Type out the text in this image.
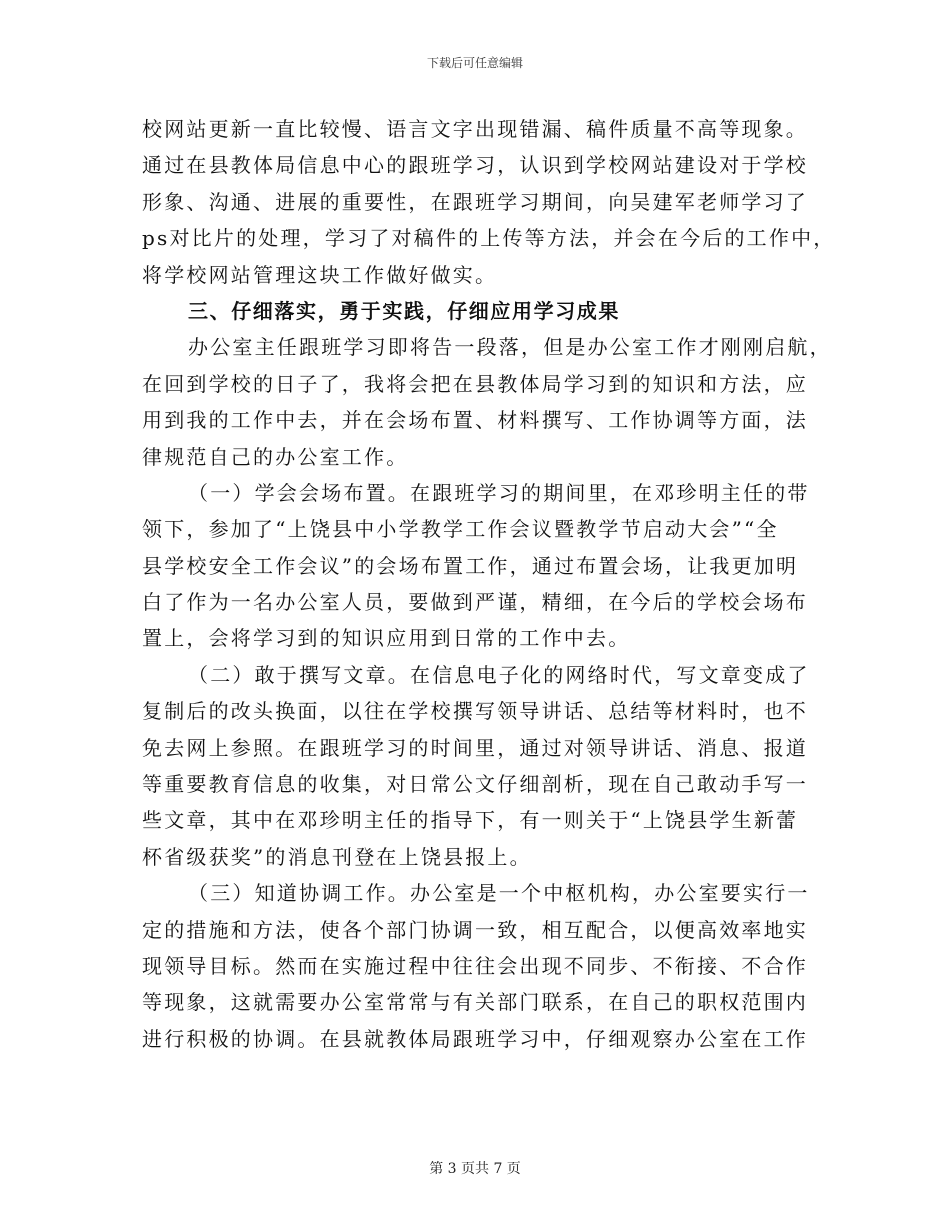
下载后可任意编辑
校网站更新一直比较慢、语言文字出现错漏、稿件质量不高等现象。
通过在县教体局信息中心的跟班学习，认识到学校网站建设对于学校
形象、沟通、进展的重要性，在跟班学习期间，向吴建军老师学习了
ps对比片的处理，学习了对稿件的上传等方法，并会在今后的工作中，
将学校网站管理这块工作做好做实。
三、仔细落实，勇于实践，仔细应用学习成果
办公室主任跟班学习即将告一段落，但是办公室工作才刚刚启航，
在回到学校的日子了，我将会把在县教体局学习到的知识和方法，应
用到我的工作中去，并在会场布置、材料撰写、工作协调等方面，法
律规范自己的办公室工作。
（一）学会会场布置。在跟班学习的期间里，在邓珍明主任的带
领下，参加了“上饶县中小学教学工作会议暨教学节启动大会”“全
县学校安全工作会议”的会场布置工作，通过布置会场，让我更加明
白了作为一名办公室人员，要做到严谨，精细，在今后的学校会场布
置上，会将学习到的知识应用到日常的工作中去。
（二）敢于撰写文章。在信息电子化的网络时代，写文章变成了
复制后的改头换面，以往在学校撰写领导讲话、总结等材料时，也不
免去网上参照。在跟班学习的时间里，通过对领导讲话、消息、报道
等重要教育信息的收集，对日常公文仔细剖析，现在自己敢动手写一
些文章，其中在邓珍明主任的指导下，有一则关于“上饶县学生新蕾
杯省级获奖”的消息刊登在上饶县报上。
（三）知道协调工作。办公室是一个中枢机构，办公室要实行一
定的措施和方法，使各个部门协调一致，相互配合，以便高效率地实
现领导目标。然而在实施过程中往往会出现不同步、不衔接、不合作
等现象，这就需要办公室常常与有关部门联系，在自己的职权范围内
进行积极的协调。在县就教体局跟班学习中，仔细观察办公室在工作
第 3 页共 7 页
